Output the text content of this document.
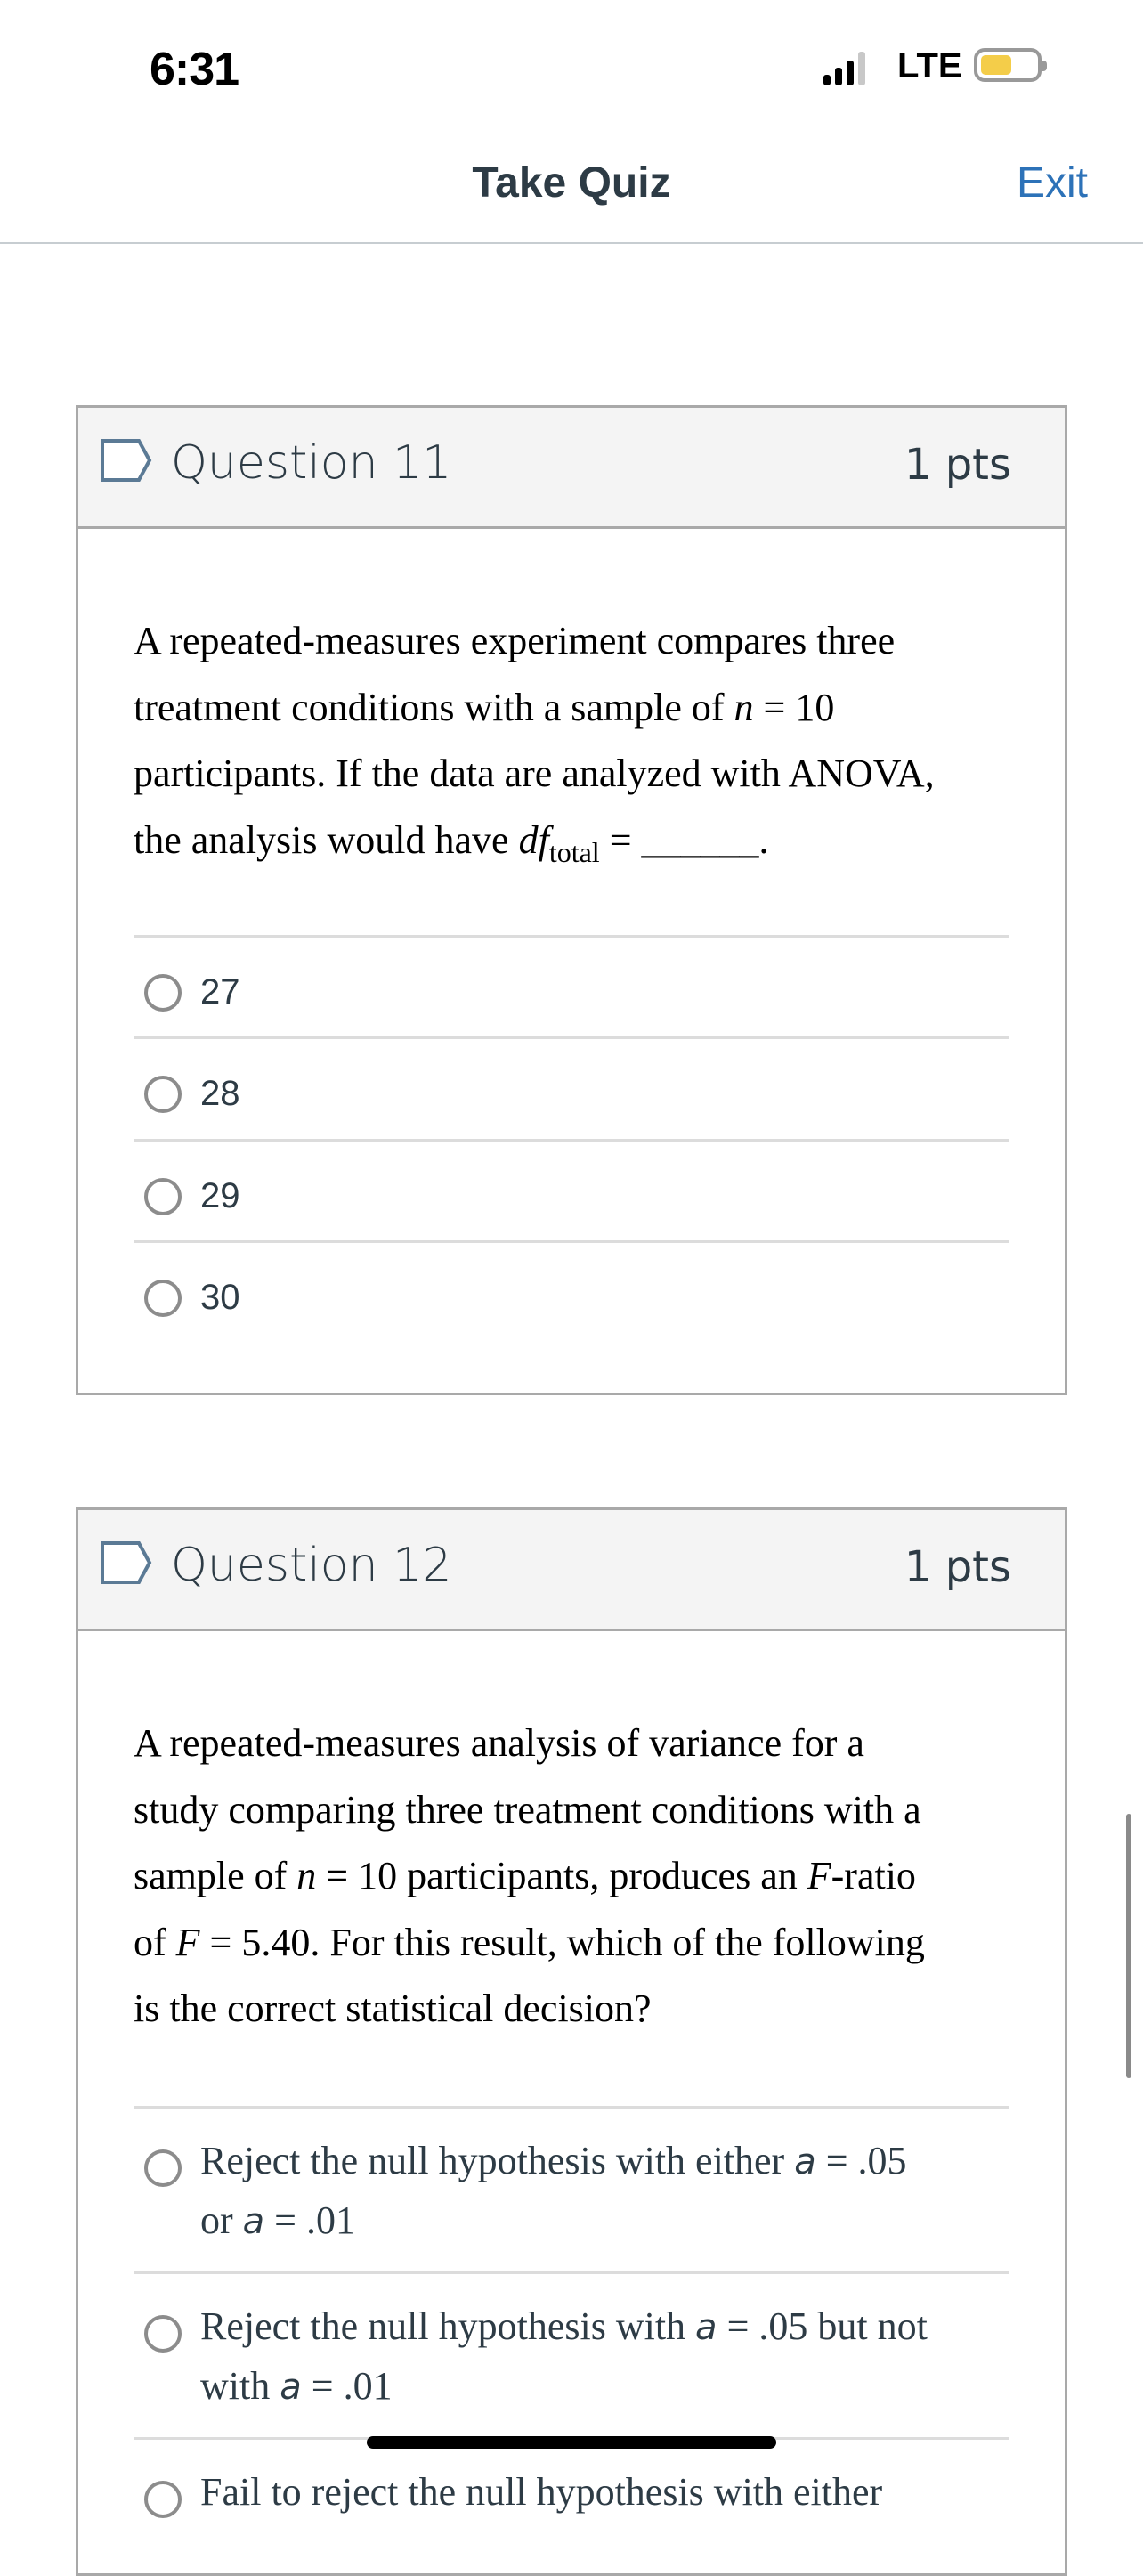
6:31	LTE
Take Quiz	Exit
Question 11	1 pts
A repeated-measures experiment compares three
treatment conditions with a sample of n = 10
participants. If the data are analyzed with ANOVA,
the analysis would have $df_{total}$ = ______.
27
28
29
30
Question 12	1 pts
A repeated-measures analysis of variance for a
study comparing three treatment conditions with a
sample of n = 10 participants, produces an F-ratio
of F = 5.40. For this result, which of the following
is the correct statistical decision?
Reject the null hypothesis with either a = .05
or a = .01
Reject the null hypothesis with a = .05 but not
with a = .01
Fail to reject the null hypothesis with either
